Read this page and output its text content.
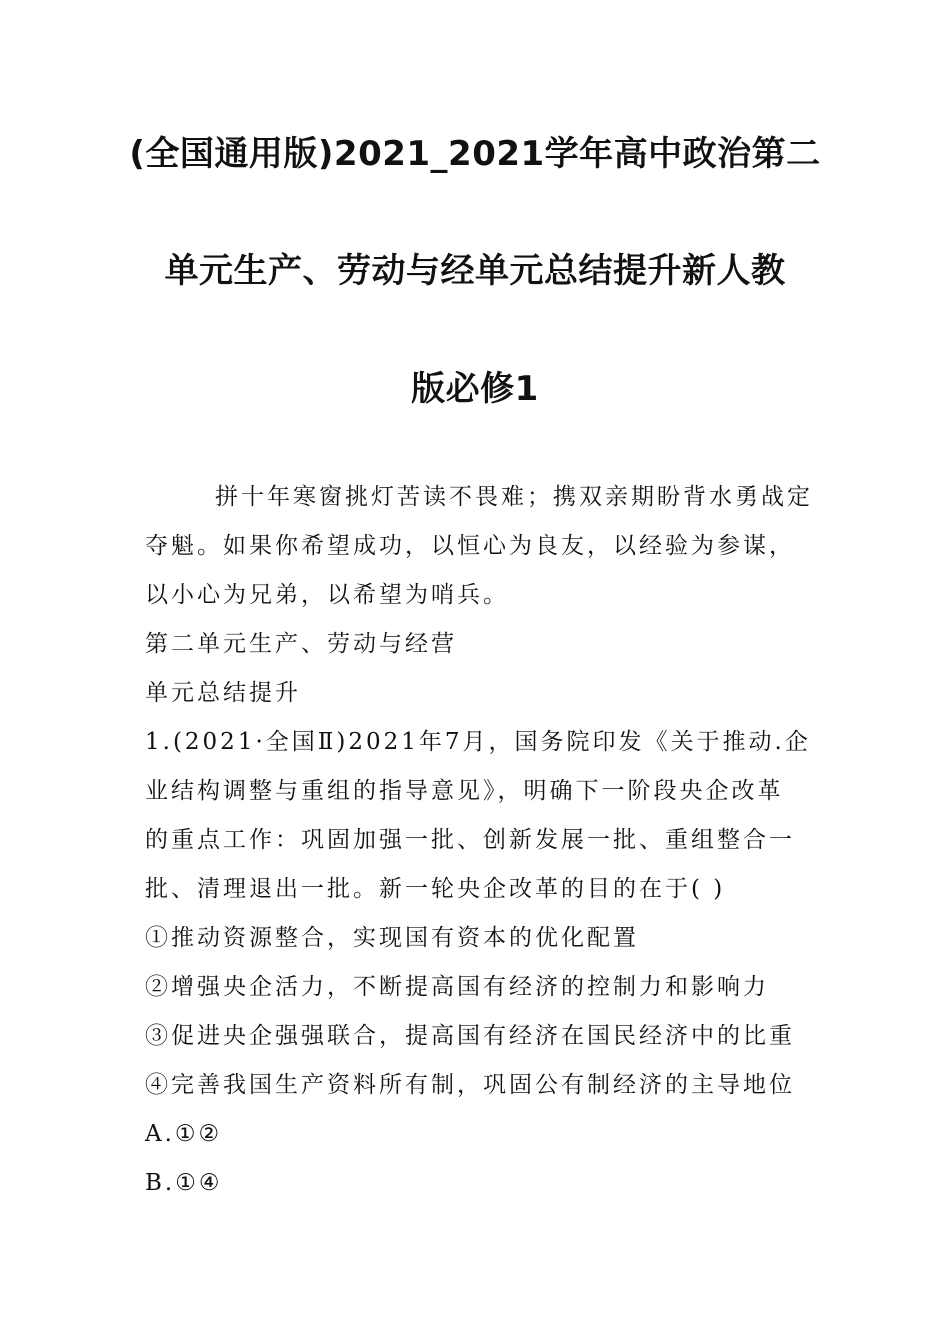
(全国通用版)2021_2021学年高中政治第二
单元生产、劳动与经单元总结提升新人教
版必修1
拼十年寒窗挑灯苦读不畏难；携双亲期盼背水勇战定
夺魁。如果你希望成功，以恒心为良友，以经验为参谋，
以小心为兄弟，以希望为哨兵。
第二单元生产、劳动与经营
单元总结提升
1.(2021·全国Ⅱ)2021年7月，国务院印发《关于推动.企
业结构调整与重组的指导意见》，明确下一阶段央企改革
的重点工作：巩固加强一批、创新发展一批、重组整合一
批、清理退出一批。新一轮央企改革的目的在于( )
①推动资源整合，实现国有资本的优化配置
②增强央企活力，不断提高国有经济的控制力和影响力
③促进央企强强联合，提高国有经济在国民经济中的比重
④完善我国生产资料所有制，巩固公有制经济的主导地位
A.①②
B.①④
